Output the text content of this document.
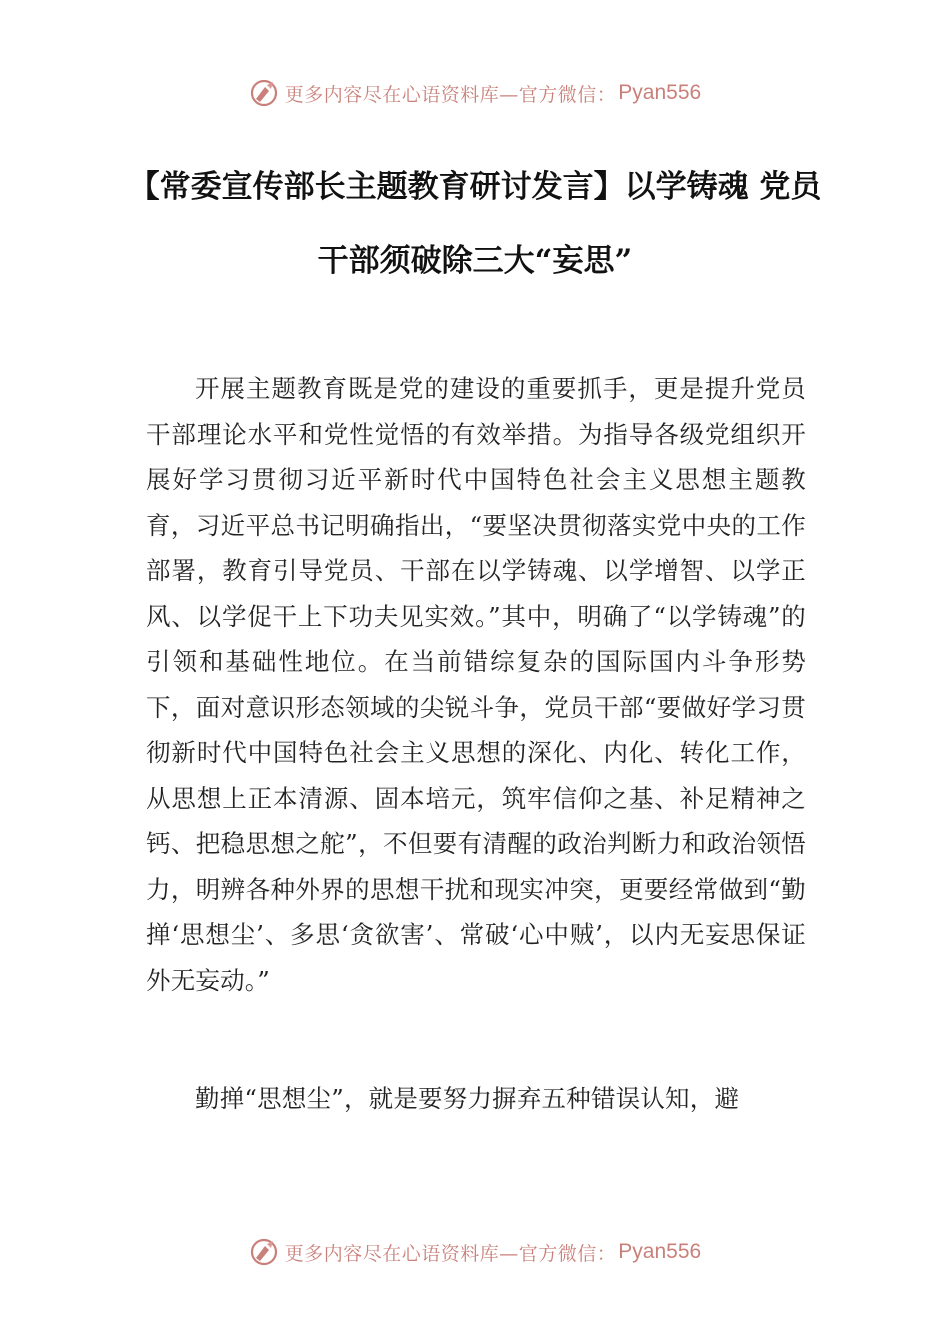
更多内容尽在心语资料库—官方微信： Pyan556
【常委宣传部长主题教育研讨发言】以学铸魂 党员干部须破除三大“妄思”

开展主题教育既是党的建设的重要抓手，更是提升党员干部理论水平和党性觉悟的有效举措。为指导各级党组织开展好学习贯彻习近平新时代中国特色社会主义思想主题教育，习近平总书记明确指出，“要坚决贯彻落实党中央的工作部署，教育引导党员、干部在以学铸魂、以学增智、以学正风、以学促干上下功夫见实效。”其中，明确了“以学铸魂”的引领和基础性地位。在当前错综复杂的国际国内斗争形势下，面对意识形态领域的尖锐斗争，党员干部“要做好学习贯彻新时代中国特色社会主义思想的深化、内化、转化工作，从思想上正本清源、固本培元，筑牢信仰之基、补足精神之钙、把稳思想之舵”，不但要有清醒的政治判断力和政治领悟力，明辨各种外界的思想干扰和现实冲突，更要经常做到“勤掸‘思想尘’、多思‘贪欲害’、常破‘心中贼’，以内无妄思保证外无妄动。”

勤掸“思想尘”，就是要努力摒弃五种错误认知，避

更多内容尽在心语资料库—官方微信： Pyan556
